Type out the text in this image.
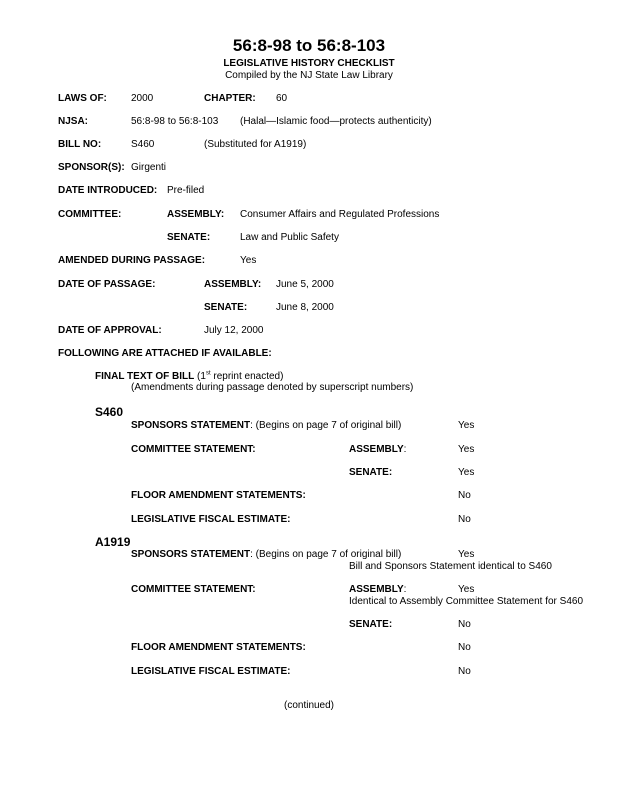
56:8-98 to 56:8-103
LEGISLATIVE HISTORY CHECKLIST
Compiled by the NJ State Law Library
LAWS OF: 2000	CHAPTER: 60
NJSA:	56:8-98 to 56:8-103 (Halal—Islamic food—protects authenticity)
BILL NO:	S460	(Substituted for A1919)
SPONSOR(S): Girgenti
DATE INTRODUCED: Pre-filed
COMMITTEE:	ASSEMBLY: Consumer Affairs and Regulated Professions
SENATE:	Law and Public Safety
AMENDED DURING PASSAGE:	Yes
DATE OF PASSAGE:	ASSEMBLY: June 5, 2000
SENATE:	June 8, 2000
DATE OF APPROVAL:	July 12, 2000
FOLLOWING ARE ATTACHED IF AVAILABLE:
FINAL TEXT OF BILL (1st reprint enacted)
(Amendments during passage denoted by superscript numbers)
S460
SPONSORS STATEMENT: (Begins on page 7 of original bill)	Yes
COMMITTEE STATEMENT:	ASSEMBLY:	Yes
SENATE:	Yes
FLOOR AMENDMENT STATEMENTS:	No
LEGISLATIVE FISCAL ESTIMATE:	No
A1919
SPONSORS STATEMENT: (Begins on page 7 of original bill)	Yes
Bill and Sponsors Statement identical to S460
COMMITTEE STATEMENT:	ASSEMBLY:	Yes
Identical to Assembly Committee Statement for S460
SENATE:	No
FLOOR AMENDMENT STATEMENTS:	No
LEGISLATIVE FISCAL ESTIMATE:	No
(continued)
